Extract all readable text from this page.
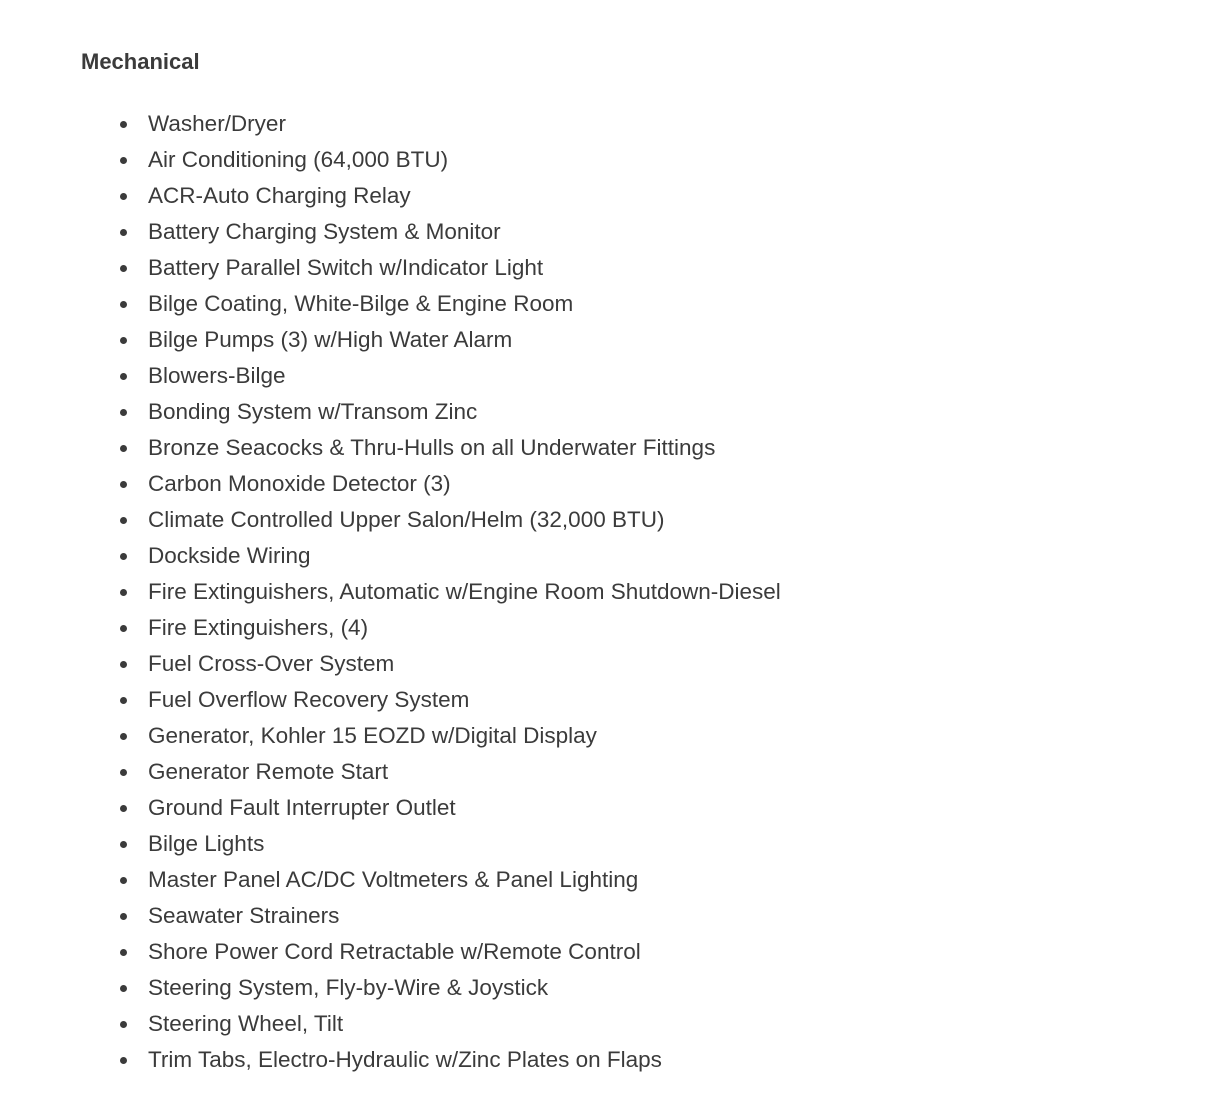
Mechanical
Washer/Dryer
Air Conditioning (64,000 BTU)
ACR-Auto Charging Relay
Battery Charging System & Monitor
Battery Parallel Switch w/Indicator Light
Bilge Coating, White-Bilge & Engine Room
Bilge Pumps (3) w/High Water Alarm
Blowers-Bilge
Bonding System w/Transom Zinc
Bronze Seacocks & Thru-Hulls on all Underwater Fittings
Carbon Monoxide Detector (3)
Climate Controlled Upper Salon/Helm (32,000 BTU)
Dockside Wiring
Fire Extinguishers, Automatic w/Engine Room Shutdown-Diesel
Fire Extinguishers, (4)
Fuel Cross-Over System
Fuel Overflow Recovery System
Generator, Kohler 15 EOZD w/Digital Display
Generator Remote Start
Ground Fault Interrupter Outlet
Bilge Lights
Master Panel AC/DC Voltmeters & Panel Lighting
Seawater Strainers
Shore Power Cord Retractable w/Remote Control
Steering System, Fly-by-Wire & Joystick
Steering Wheel, Tilt
Trim Tabs, Electro-Hydraulic w/Zinc Plates on Flaps
